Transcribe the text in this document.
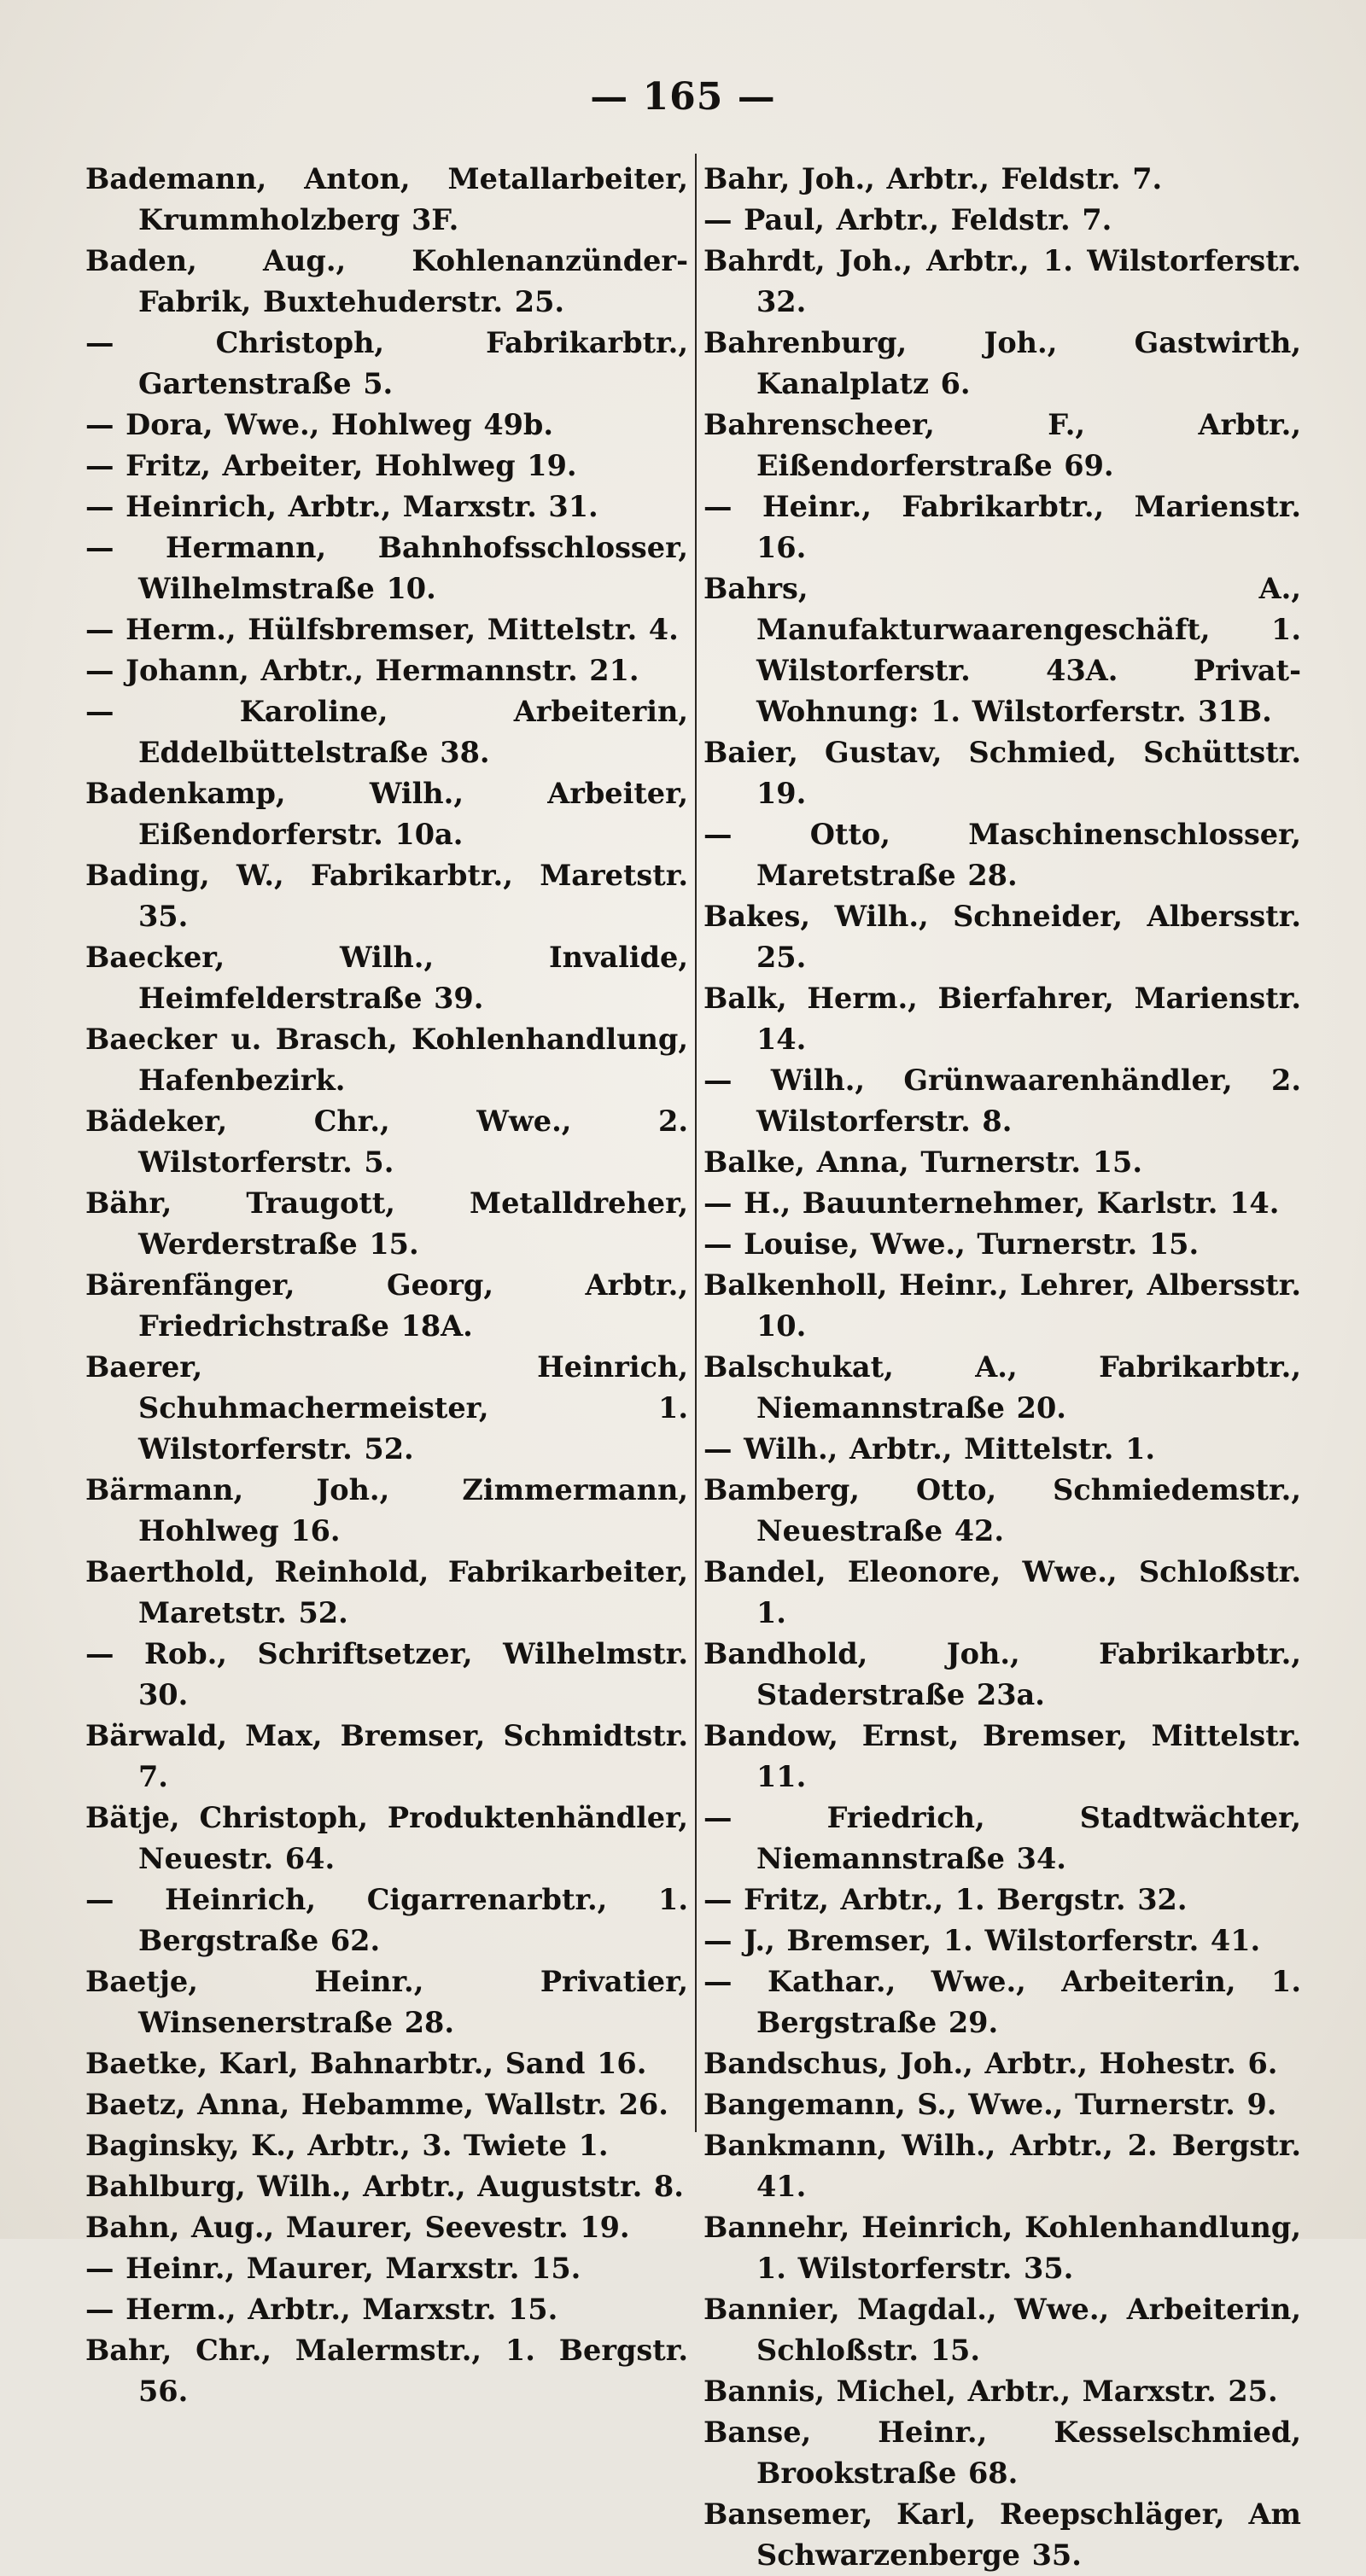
— 165 —
Bademann, Anton, Metallarbeiter, Krummholzberg 3F.
Baden, Aug., Kohlenanzünder-Fabrik, Buxtehuderstr. 25.
— Christoph, Fabrikarbtr., Gartenstraße 5.
— Dora, Wwe., Hohlweg 49b.
— Fritz, Arbeiter, Hohlweg 19.
— Heinrich, Arbtr., Marxstr. 31.
— Hermann, Bahnhofsschlosser, Wilhelmstraße 10.
— Herm., Hülfsbremser, Mittelstr. 4.
— Johann, Arbtr., Hermannstr. 21.
— Karoline, Arbeiterin, Eddelbüttelstraße 38.
Badenkamp, Wilh., Arbeiter, Eißendorferstr. 10a.
Bading, W., Fabrikarbtr., Maretstr. 35.
Baecker, Wilh., Invalide, Heimfelderstraße 39.
Baecker u. Brasch, Kohlenhandlung, Hafenbezirk.
Bädeker, Chr., Wwe., 2. Wilstorferstr. 5.
Bähr, Traugott, Metalldreher, Werderstraße 15.
Bärenfänger, Georg, Arbtr., Friedrichstraße 18A.
Baerer, Heinrich, Schuhmachermeister, 1. Wilstorferstr. 52.
Bärmann, Joh., Zimmermann, Hohlweg 16.
Baerthold, Reinhold, Fabrikarbeiter, Maretstr. 52.
— Rob., Schriftsetzer, Wilhelmstr. 30.
Bärwald, Max, Bremser, Schmidtstr. 7.
Bätje, Christoph, Produktenhändler, Neuestr. 64.
— Heinrich, Cigarrenarbtr., 1. Bergstraße 62.
Baetje, Heinr., Privatier, Winsenerstraße 28.
Baetke, Karl, Bahnarbtr., Sand 16.
Baetz, Anna, Hebamme, Wallstr. 26.
Baginsky, K., Arbtr., 3. Twiete 1.
Bahlburg, Wilh., Arbtr., Auguststr. 8.
Bahn, Aug., Maurer, Seevestr. 19.
— Heinr., Maurer, Marxstr. 15.
— Herm., Arbtr., Marxstr. 15.
Bahr, Chr., Malermstr., 1. Bergstr. 56.
Bahr, Joh., Arbtr., Feldstr. 7.
— Paul, Arbtr., Feldstr. 7.
Bahrdt, Joh., Arbtr., 1. Wilstorferstr. 32.
Bahrenburg, Joh., Gastwirth, Kanalplatz 6.
Bahrenscheer, F., Arbtr., Eißendorferstraße 69.
— Heinr., Fabrikarbtr., Marienstr. 16.
Bahrs, A., Manufakturwaarengeschäft, 1. Wilstorferstr. 43A. Privat-Wohnung: 1. Wilstorferstr. 31B.
Baier, Gustav, Schmied, Schüttstr. 19.
— Otto, Maschinenschlosser, Maretstraße 28.
Bakes, Wilh., Schneider, Albersstr. 25.
Balk, Herm., Bierfahrer, Marienstr. 14.
— Wilh., Grünwaarenhändler, 2. Wilstorferstr. 8.
Balke, Anna, Turnerstr. 15.
— H., Bauunternehmer, Karlstr. 14.
— Louise, Wwe., Turnerstr. 15.
Balkenholl, Heinr., Lehrer, Albersstr. 10.
Balschukat, A., Fabrikarbtr., Niemannstraße 20.
— Wilh., Arbtr., Mittelstr. 1.
Bamberg, Otto, Schmiedemstr., Neuestraße 42.
Bandel, Eleonore, Wwe., Schloßstr. 1.
Bandhold, Joh., Fabrikarbtr., Staderstraße 23a.
Bandow, Ernst, Bremser, Mittelstr. 11.
— Friedrich, Stadtwächter, Niemannstraße 34.
— Fritz, Arbtr., 1. Bergstr. 32.
— J., Bremser, 1. Wilstorferstr. 41.
— Kathar., Wwe., Arbeiterin, 1. Bergstraße 29.
Bandschus, Joh., Arbtr., Hohestr. 6.
Bangemann, S., Wwe., Turnerstr. 9.
Bankmann, Wilh., Arbtr., 2. Bergstr. 41.
Bannehr, Heinrich, Kohlenhandlung, 1. Wilstorferstr. 35.
Bannier, Magdal., Wwe., Arbeiterin, Schloßstr. 15.
Bannis, Michel, Arbtr., Marxstr. 25.
Banse, Heinr., Kesselschmied, Brookstraße 68.
Bansemer, Karl, Reepschläger, Am Schwarzenberge 35.
